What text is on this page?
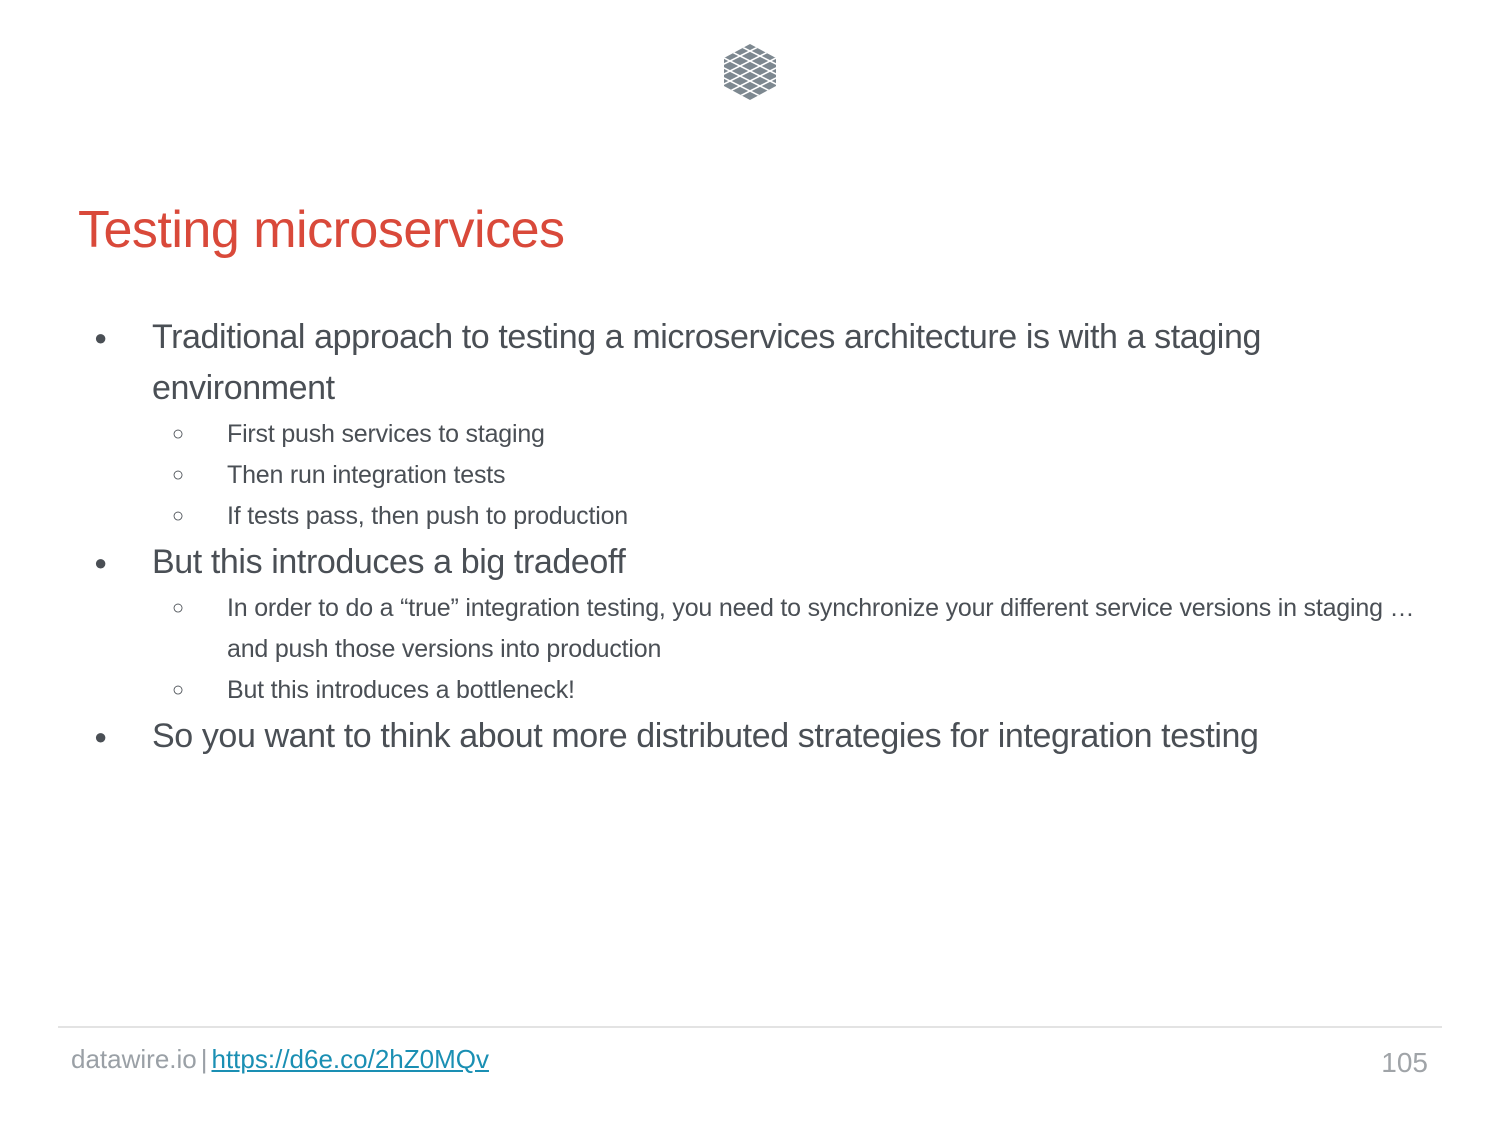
Testing microservices
● Traditional approach to testing a microservices architecture is with a staging environment
○ First push services to staging
○ Then run integration tests
○ If tests pass, then push to production
● But this introduces a big tradeoff
○ In order to do a “true” integration testing, you need to synchronize your different service versions in staging … and push those versions into production
○ But this introduces a bottleneck!
● So you want to think about more distributed strategies for integration testing
datawire.io | https://d6e.co/2hZ0MQv	105
